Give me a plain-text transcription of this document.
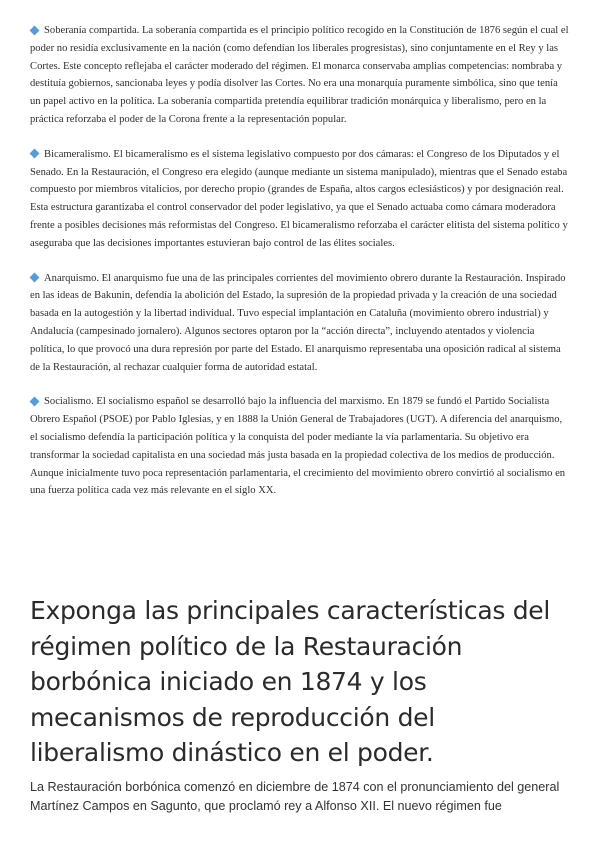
Soberanía compartida. La soberanía compartida es el principio político recogido en la Constitución de 1876 según el cual el poder no residía exclusivamente en la nación (como defendían los liberales progresistas), sino conjuntamente en el Rey y las Cortes. Este concepto reflejaba el carácter moderado del régimen. El monarca conservaba amplias competencias: nombraba y destituía gobiernos, sancionaba leyes y podía disolver las Cortes. No era una monarquía puramente simbólica, sino que tenía un papel activo en la política. La soberanía compartida pretendía equilibrar tradición monárquica y liberalismo, pero en la práctica reforzaba el poder de la Corona frente a la representación popular.

Bicameralismo. El bicameralismo es el sistema legislativo compuesto por dos cámaras: el Congreso de los Diputados y el Senado. En la Restauración, el Congreso era elegido (aunque mediante un sistema manipulado), mientras que el Senado estaba compuesto por miembros vitalicios, por derecho propio (grandes de España, altos cargos eclesiásticos) y por designación real. Esta estructura garantizaba el control conservador del poder legislativo, ya que el Senado actuaba como cámara moderadora frente a posibles decisiones más reformistas del Congreso. El bicameralismo reforzaba el carácter elitista del sistema político y aseguraba que las decisiones importantes estuvieran bajo control de las élites sociales.

Anarquismo. El anarquismo fue una de las principales corrientes del movimiento obrero durante la Restauración. Inspirado en las ideas de Bakunin, defendía la abolición del Estado, la supresión de la propiedad privada y la creación de una sociedad basada en la autogestión y la libertad individual. Tuvo especial implantación en Cataluña (movimiento obrero industrial) y Andalucía (campesinado jornalero). Algunos sectores optaron por la “acción directa”, incluyendo atentados y violencia política, lo que provocó una dura represión por parte del Estado. El anarquismo representaba una oposición radical al sistema de la Restauración, al rechazar cualquier forma de autoridad estatal.

Socialismo. El socialismo español se desarrolló bajo la influencia del marxismo. En 1879 se fundó el Partido Socialista Obrero Español (PSOE) por Pablo Iglesias, y en 1888 la Unión General de Trabajadores (UGT). A diferencia del anarquismo, el socialismo defendía la participación política y la conquista del poder mediante la vía parlamentaria. Su objetivo era transformar la sociedad capitalista en una sociedad más justa basada en la propiedad colectiva de los medios de producción. Aunque inicialmente tuvo poca representación parlamentaria, el crecimiento del movimiento obrero convirtió al socialismo en una fuerza política cada vez más relevante en el siglo XX.

Exponga las principales características del régimen político de la Restauración borbónica iniciado en 1874 y los mecanismos de reproducción del liberalismo dinástico en el poder.

La Restauración borbónica comenzó en diciembre de 1874 con el pronunciamiento del general Martínez Campos en Sagunto, que proclamó rey a Alfonso XII. El nuevo régimen fue
